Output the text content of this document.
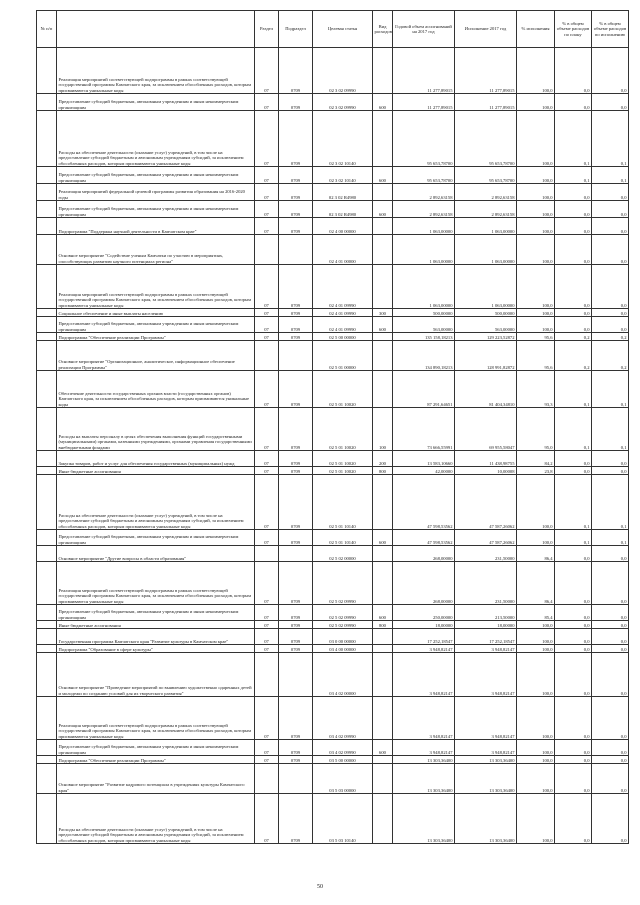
№ п/п		Раздел	Подраздел	Целевая статья	Вид расходов	Годовой объем ассигнований на 2017 год	Исполнение 2017 год	% исполнения	% в общем объеме расходов по плану	% в общем объеме расходов по исполнению
	Реализация мероприятий соответствующей подпрограммы в рамках соответствующей государственной программы Камчатского края, за исключением обособленных расходов, которым присваиваются уникальные коды	07	0709	02 3 02 09990		11 277,89015	11 277,89015	100,0	0,0	0,0
	Предоставление субсидий бюджетным, автономным учреждениям и иным некоммерческим организациям	07	0709	02 3 02 09990	600	11 277,89015	11 277,89015	100,0	0,0	0,0
	Расходы на обеспечение деятельности (оказание услуг) учреждений, в том числе на предоставление субсидий бюджетным и автономным учреждениям субсидий, за исключением обособленных расходов, которым присваиваются уникальные коды	07	0709	02 3 02 10140		95 653,78700	95 653,78700	100,0	0,1	0,1
	Предоставление субсидий бюджетным, автономным учреждениям и иным некоммерческим организациям	07	0709	02 3 02 10140	600	95 653,78700	95 653,78700	100,0	0,1	0,1
	Реализация мероприятий федеральной целевой программы развития образования на 2016-2020 годы	07	0709	02 3 02 R4980		2 892,63158	2 892,63158	100,0	0,0	0,0
	Предоставление субсидий бюджетным, автономным учреждениям и иным некоммерческим организациям	07	0709	02 3 02 R4980	600	2 892,63158	2 892,63158	100,0	0,0	0,0
	Подпрограмма "Поддержка научной деятельности в Камчатском крае"	07	0709	02 4 00 00000		1 063,00000	1 063,00000	100,0	0,0	0,0
	Основное мероприятие "Содействие ученым Камчатки по участию в мероприятиях, способствующих развитию научного потенциала региона"			02 4 01 00000		1 063,00000	1 063,00000	100,0	0,0	0,0
	Реализация мероприятий соответствующей подпрограммы в рамках соответствующей государственной программы Камчатского края, за исключением обособленных расходов, которым присваиваются уникальные коды	07	0709	02 4 01 09990		1 063,00000	1 063,00000	100,0	0,0	0,0
	Социальное обеспечение и иные выплаты населению	07	0709	02 4 01 09990	300	500,00000	500,00000	100,0	0,0	0,0
	Предоставление субсидий бюджетным, автономным учреждениям и иным некоммерческим организациям	07	0709	02 4 01 09990	600	563,00000	563,00000	100,0	0,0	0,0
	Подпрограмма "Обеспечение реализации Программы"	07	0709	02 5 00 00000		135 158,18213	129 223,52872	95,6	0,2	0,2
	Основное мероприятие "Организационное, аналитическое, информационное обеспечение реализации Программы"			02 5 01 00000		134 890,18213	128 991,82872	95,6	0,2	0,2
	Обеспечение деятельности государственных органов власти (государственных органов) Камчатского края, за исключением обособленных расходов, которым присваиваются уникальные коды	07	0709	02 5 01 10020		87 291,64651	81 404,34810	93,3	0,1	0,1
	Расходы на выплаты персоналу в целях обеспечения выполнения функций государственными (муниципальными) органами, казенными учреждениями, органами управления государственными внебюджетными фондами	07	0709	02 5 01 10020	100	73 666,55991	69 955,58047	95,0	0,1	0,1
	Закупка товаров, работ и услуг для обеспечения государственных (муниципальных) нужд	07	0709	02 5 01 10020	200	13 583,10660	11 438,98755	84,2	0,0	0,0
	Иные бюджетные ассигнования	07	0709	02 5 01 10020	800	42,00000	10,00008	23,8	0,0	0,0
	Расходы на обеспечение деятельности (оказание услуг) учреждений, в том числе на предоставление субсидий бюджетным и автономным учреждениям субсидий, за исключением обособленных расходов, которым присваиваются уникальные коды	07	0709	02 5 01 10140		47 598,53562	47 587,26062	100,0	0,1	0,1
	Предоставление субсидий бюджетным, автономным учреждениям и иным некоммерческим организациям	07	0709	02 5 01 10140	600	47 598,53562	47 587,26062	100,0	0,1	0,1
	Основное мероприятие "Другие вопросы в области образования"			02 5 02 00000		268,00000	231,50000	86,4	0,0	0,0
	Реализация мероприятий соответствующей подпрограммы в рамках соответствующей государственной программы Камчатского края, за исключением обособленных расходов, которым присваиваются уникальные коды	07	0709	02 5 02 09990		268,00000	231,50000	86,4	0,0	0,0
	Предоставление субсидий бюджетным, автономным учреждениям и иным некоммерческим организациям	07	0709	02 5 02 09990	600	250,00000	213,50000	85,4	0,0	0,0
	Иные бюджетные ассигнования	07	0709	02 5 02 09990	800	18,00000	18,00000	100,0	0,0	0,0
	Государственная программа Камчатского края "Развитие культуры в Камчатском крае"	07	0709	03 0 00 00000		17 252,18547	17 252,18547	100,0	0,0	0,0
	Подпрограмма "Образование в сфере культуры"	07	0709	03 4 00 00000		3 948,82147	3 948,82147	100,0	0,0	0,0
	Основное мероприятие "Проведение мероприятий по выявлению художественно одаренных детей и молодежи по созданию условий для их творческого развития"			03 4 02 00000		3 948,82147	3 948,82147	100,0	0,0	0,0
	Реализация мероприятий соответствующей подпрограммы в рамках соответствующей государственной программы Камчатского края, за исключением обособленных расходов, которым присваиваются уникальные коды	07	0709	03 4 02 09990		3 948,82147	3 948,82147	100,0	0,0	0,0
	Предоставление субсидий бюджетным, автономным учреждениям и иным некоммерческим организациям	07	0709	03 4 02 09990	600	3 948,82147	3 948,82147	100,0	0,0	0,0
	Подпрограмма "Обеспечение реализации Программы"	07	0709	03 5 00 00000		13 303,36400	13 303,36400	100,0	0,0	0,0
	Основное мероприятие "Развитие кадрового потенциала в учреждениях культуры Камчатского края"			03 5 03 00000		13 303,36400	13 303,36400	100,0	0,0	0,0
	Расходы на обеспечение деятельности (оказание услуг) учреждений, в том числе на предоставление субсидий бюджетным и автономным учреждениям субсидий, за исключением обособленных расходов, которым присваиваются уникальные коды	07	0709	03 5 03 10140		13 303,36400	13 303,36400	100,0	0,0	0,0
50
